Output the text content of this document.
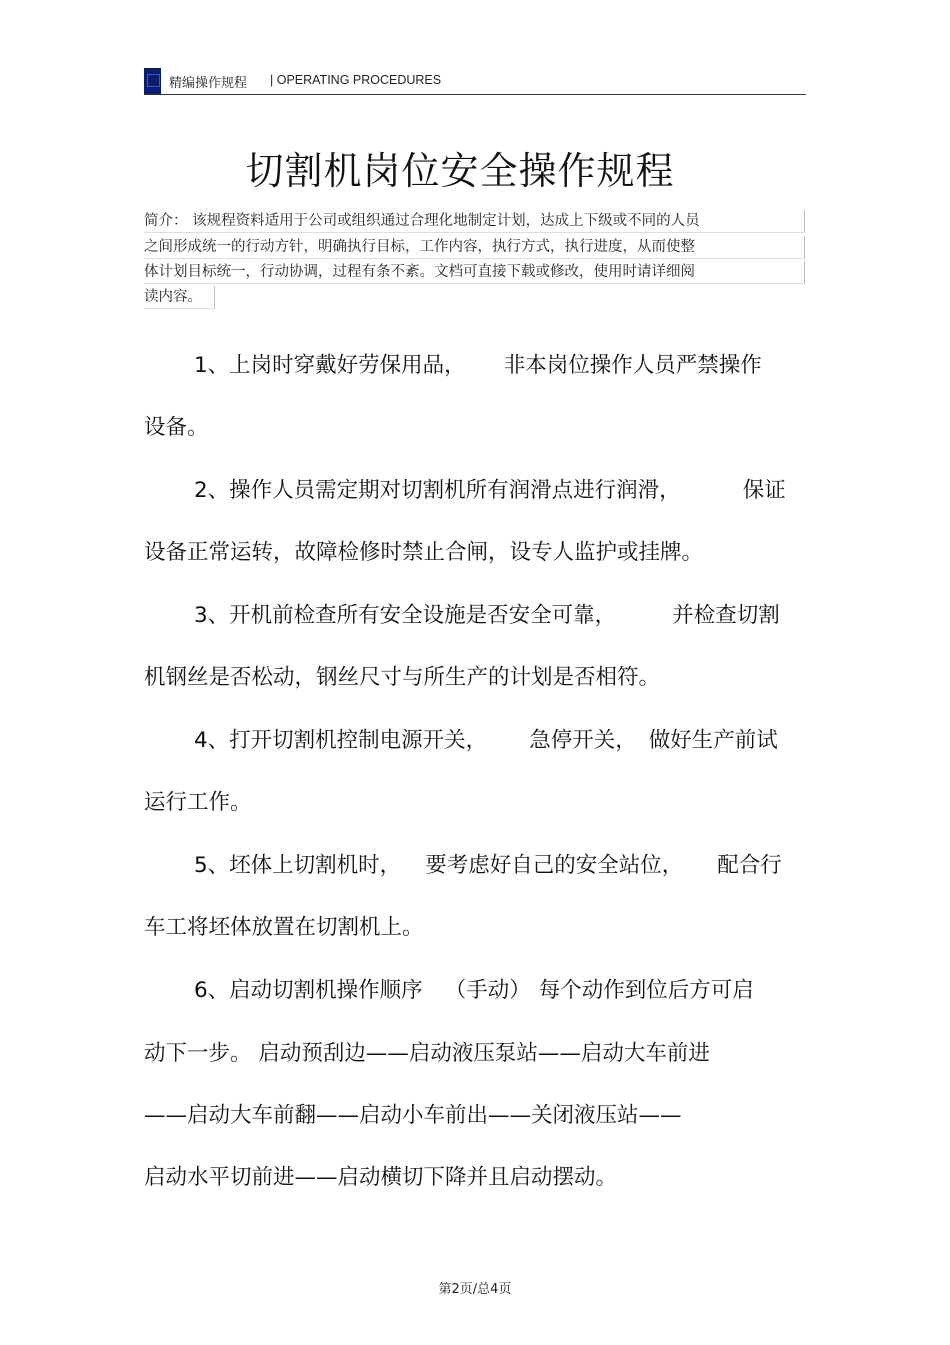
精编操作规程 | OPERATING PROCEDURES
切割机岗位安全操作规程
简介： 该规程资料适用于公司或组织通过合理化地制定计划，达成上下级或不同的人员
之间形成统一的行动方针，明确执行目标，工作内容，执行方式，执行进度，从而使整
体计划目标统一，行动协调，过程有条不紊。文档可直接下载或修改，使用时请详细阅
读内容。
1、上岗时穿戴好劳保用品， 非本岗位操作人员严禁操作
设备。
2、操作人员需定期对切割机所有润滑点进行润滑，	保证
设备正常运转，故障检修时禁止合闸，设专人监护或挂牌。
3、开机前检查所有安全设施是否安全可靠，	并检查切割
机钢丝是否松动，钢丝尺寸与所生产的计划是否相符。
4、打开切割机控制电源开关， 急停开关， 做好生产前试
运行工作。
5、坯体上切割机时， 要考虑好自己的安全站位， 配合行
车工将坯体放置在切割机上。
6、启动切割机操作顺序 （手动） 每个动作到位后方可启
动下一步。 启动预刮边——启动液压泵站——启动大车前进
——启动大车前翻——启动小车前出——关闭液压站——
启动水平切前进——启动横切下降并且启动摆动。
第2页/总4页
